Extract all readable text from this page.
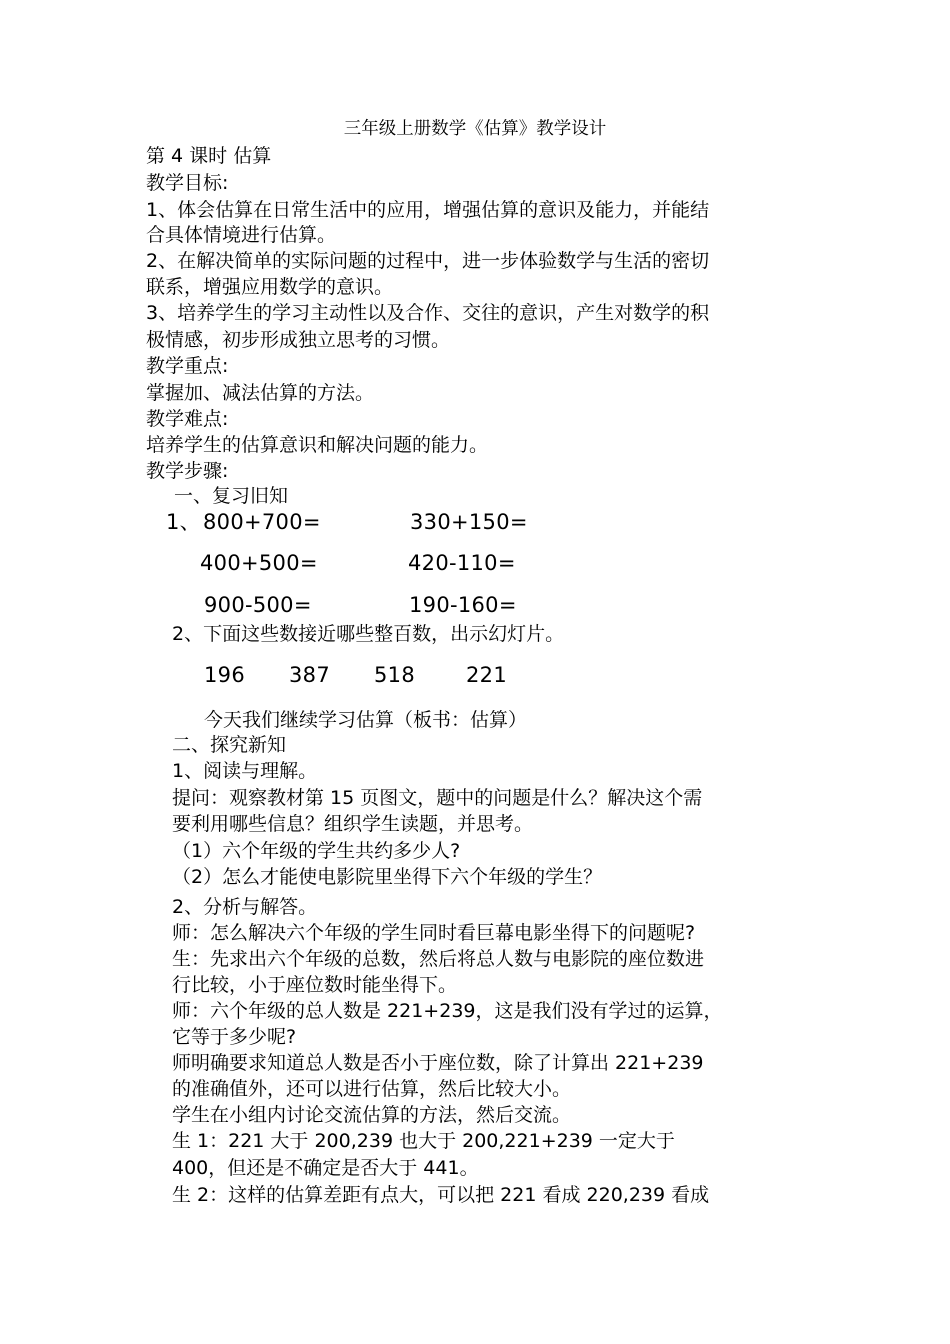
三年级上册数学《估算》教学设计
第 4 课时 估算
教学目标:
1、体会估算在日常生活中的应用，增强估算的意识及能力，并能结
合具体情境进行估算。
2、在解决简单的实际问题的过程中，进一步体验数学与生活的密切
联系，增强应用数学的意识。
3、培养学生的学习主动性以及合作、交往的意识，产生对数学的积
极情感，初步形成独立思考的习惯。
教学重点:
掌握加、减法估算的方法。
教学难点:
培养学生的估算意识和解决问题的能力。
教学步骤:
一、复习旧知
1、 800+700=	330+150=
400+500=	420-110=
900-500=	190-160=
2、下面这些数接近哪些整百数，出示幻灯片。
196 387 518 221
今天我们继续学习估算（板书：估算）
二、探究新知
1、阅读与理解。
提问：观察教材第 15 页图文，题中的问题是什么？解决这个需
要利用哪些信息？组织学生读题，并思考。
（1）六个年级的学生共约多少人?
（2）怎么才能使电影院里坐得下六个年级的学生？
2、分析与解答。
师：怎么解决六个年级的学生同时看巨幕电影坐得下的问题呢?
生：先求出六个年级的总数，然后将总人数与电影院的座位数进
行比较，小于座位数时能坐得下。
师：六个年级的总人数是 221+239，这是我们没有学过的运算，
它等于多少呢?
师明确要求知道总人数是否小于座位数，除了计算出 221+239
的准确值外，还可以进行估算，然后比较大小。
学生在小组内讨论交流估算的方法，然后交流。
生 1：221 大于 200,239 也大于 200,221+239 一定大于
400，但还是不确定是否大于 441。
生 2：这样的估算差距有点大，可以把 221 看成 220,239 看成
